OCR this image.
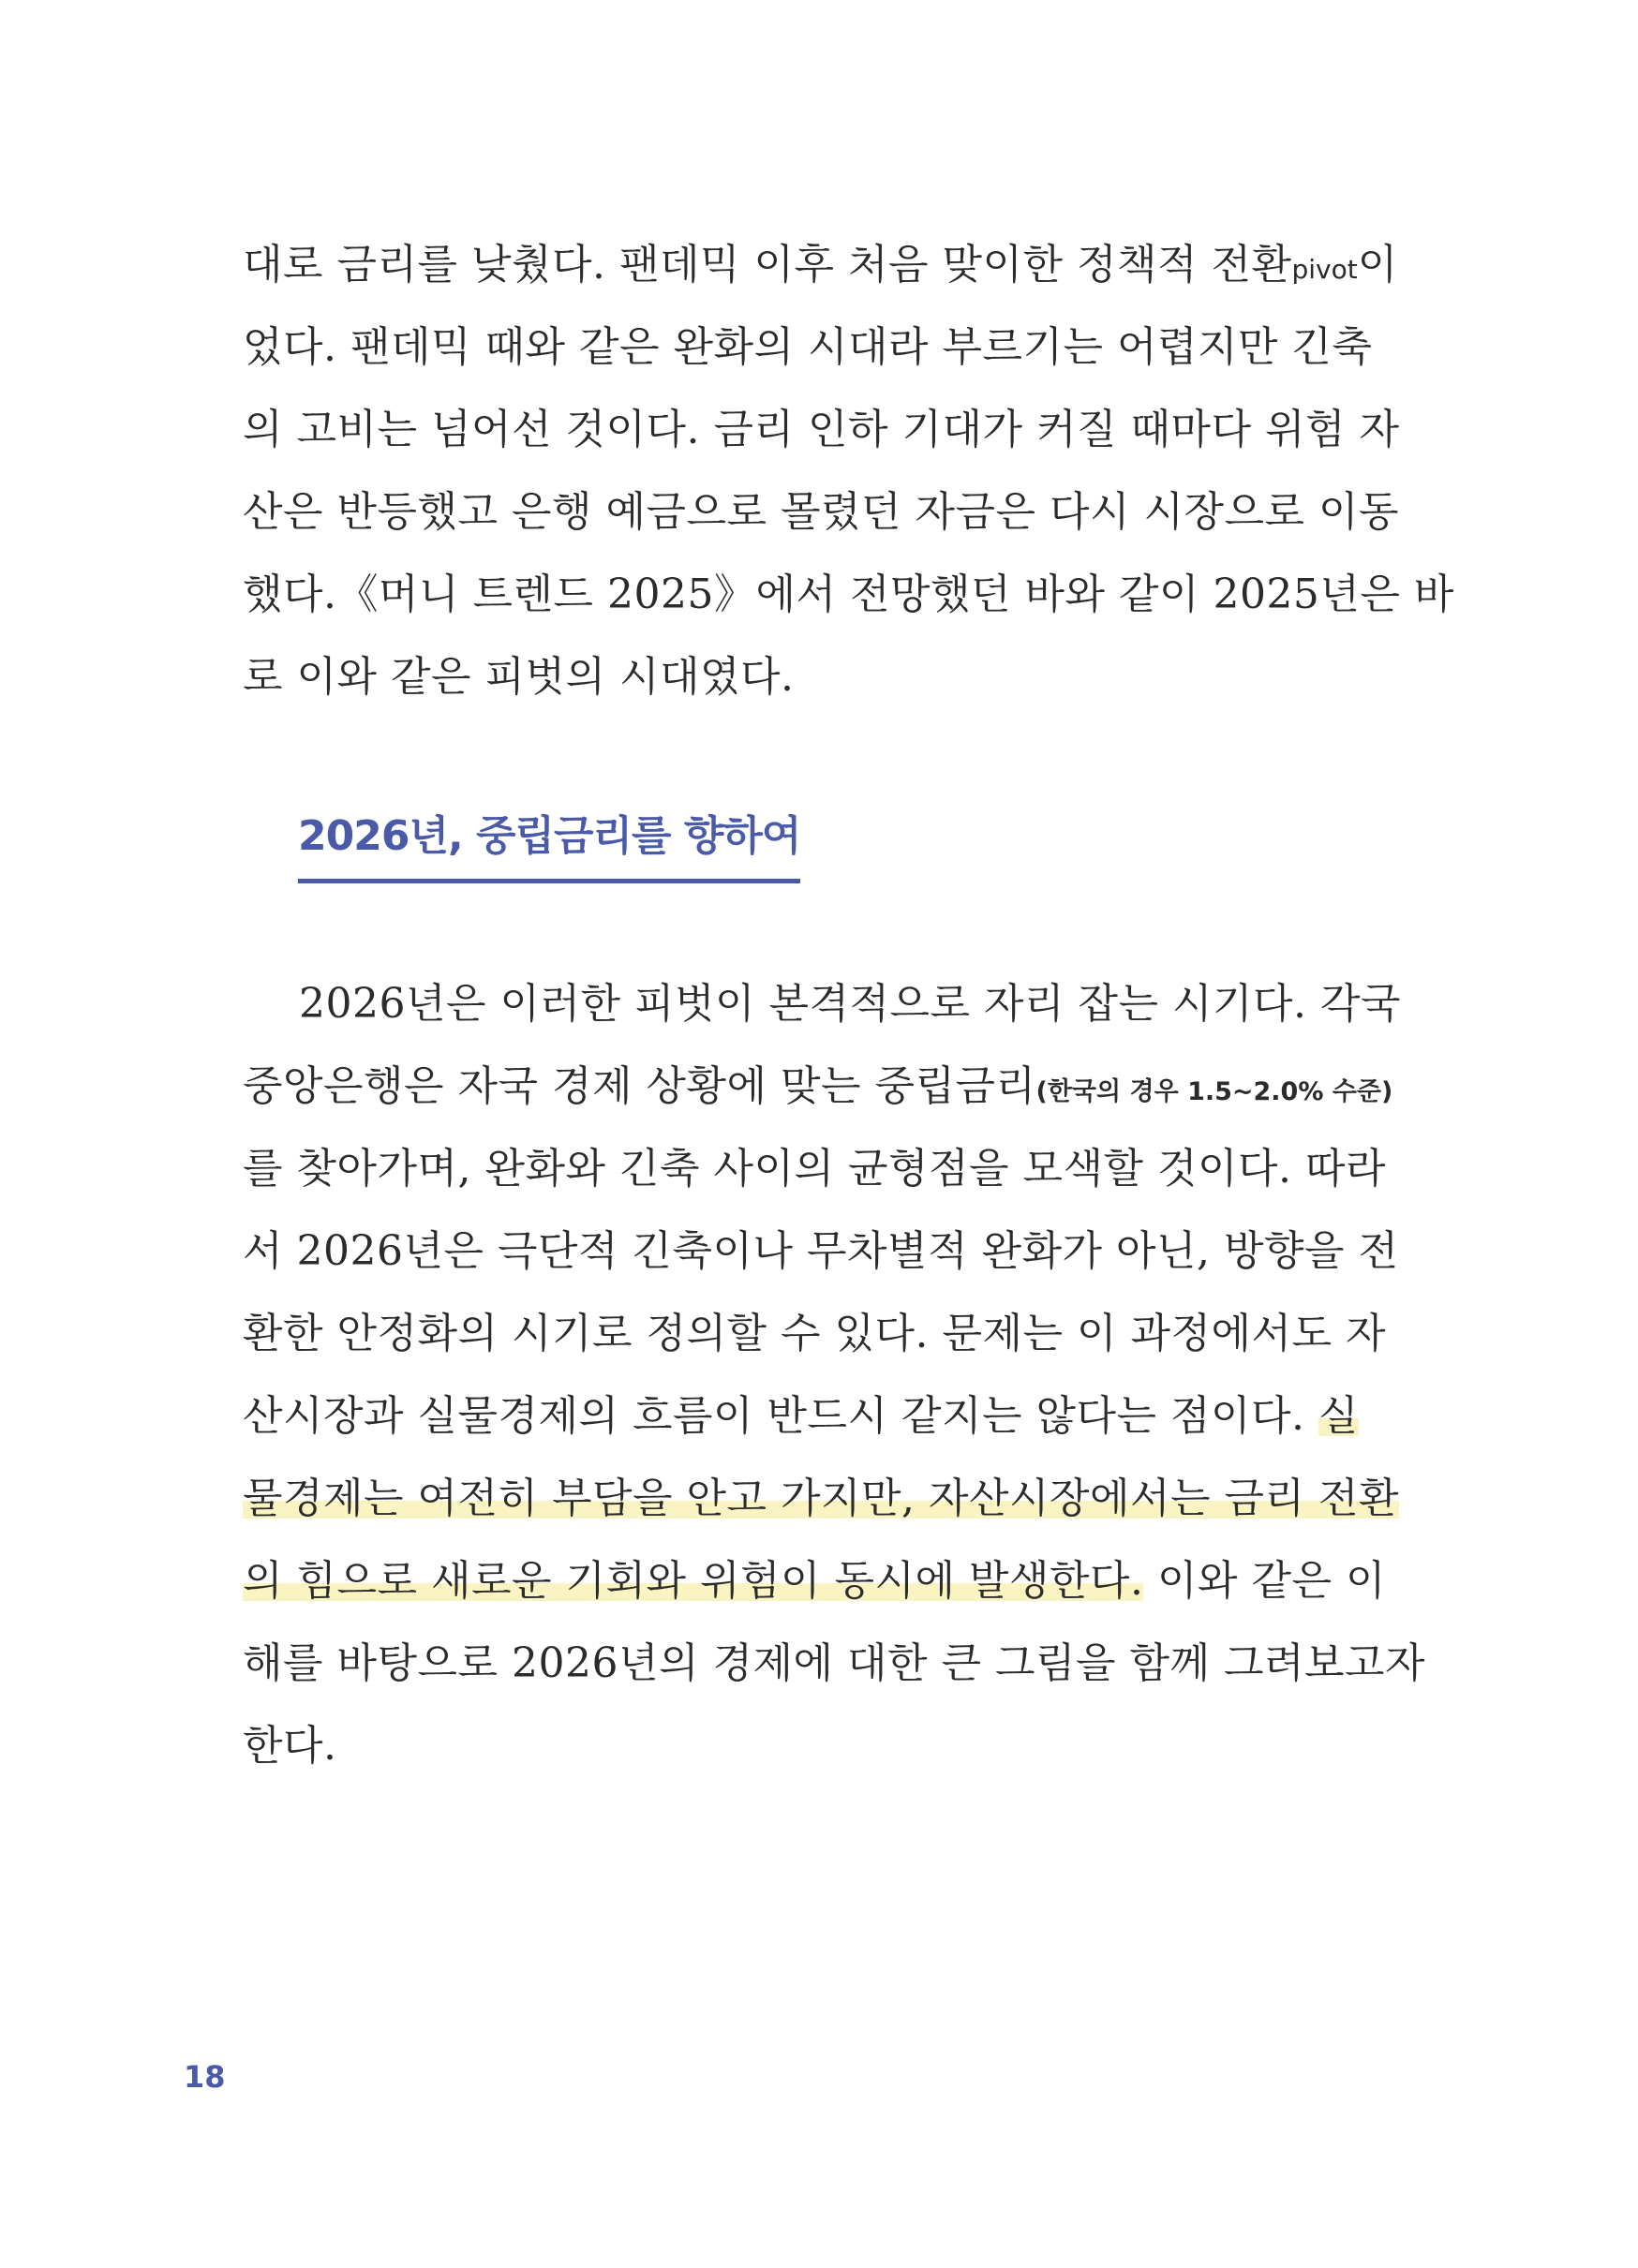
대로 금리를 낮췄다. 팬데믹 이후 처음 맞이한 정책적 전환pivot이
었다. 팬데믹 때와 같은 완화의 시대라 부르기는 어렵지만 긴축
의 고비는 넘어선 것이다. 금리 인하 기대가 커질 때마다 위험 자
산은 반등했고 은행 예금으로 몰렸던 자금은 다시 시장으로 이동
했다.《머니 트렌드 2025》에서 전망했던 바와 같이 2025년은 바
로 이와 같은 피벗의 시대였다.
2026년, 중립금리를 향하여
2026년은 이러한 피벗이 본격적으로 자리 잡는 시기다. 각국
중앙은행은 자국 경제 상황에 맞는 중립금리(한국의 경우 1.5~2.0% 수준)
를 찾아가며, 완화와 긴축 사이의 균형점을 모색할 것이다. 따라
서 2026년은 극단적 긴축이나 무차별적 완화가 아닌, 방향을 전
환한 안정화의 시기로 정의할 수 있다. 문제는 이 과정에서도 자
산시장과 실물경제의 흐름이 반드시 같지는 않다는 점이다. 실
물경제는 여전히 부담을 안고 가지만, 자산시장에서는 금리 전환
의 힘으로 새로운 기회와 위험이 동시에 발생한다. 이와 같은 이
해를 바탕으로 2026년의 경제에 대한 큰 그림을 함께 그려보고자
한다.

18
